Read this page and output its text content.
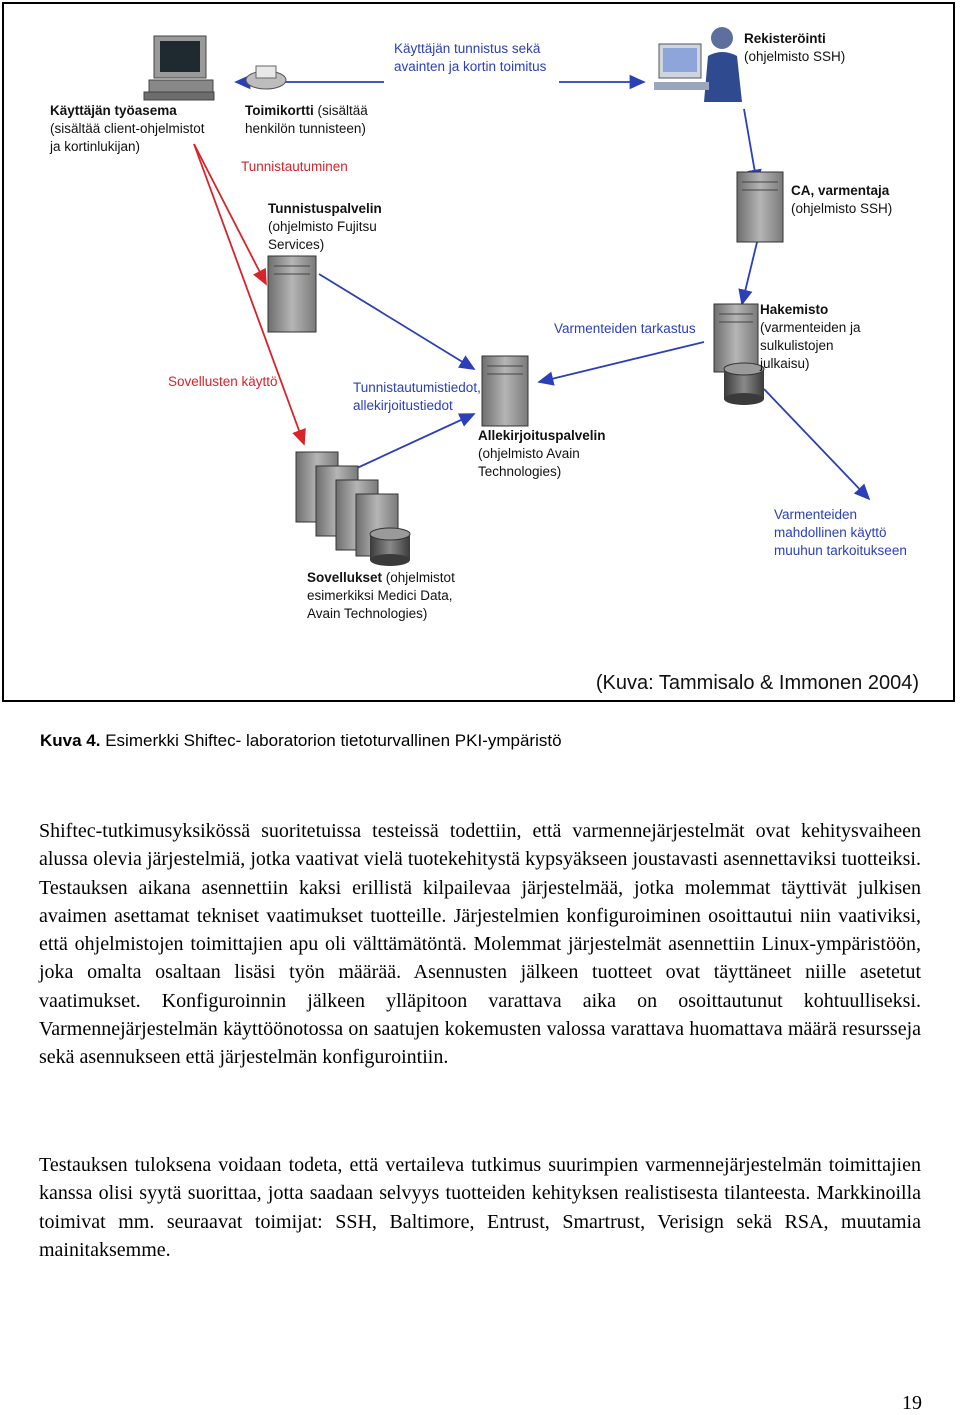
Käyttäjän työasema
(sisältää client-ohjelmistot
ja kortinlukijan)
Toimikortti (sisältää
henkilön tunnisteen)
Käyttäjän tunnistus sekä
avainten ja kortin toimitus
Rekisteröinti
(ohjelmisto SSH)
Tunnistautuminen
Tunnistuspalvelin
(ohjelmisto Fujitsu
Services)
CA, varmentaja
(ohjelmisto SSH)
Hakemisto
(varmenteiden ja
sulkulistojen
julkaisu)
Varmenteiden tarkastus
Sovellusten käyttö	Tunnistautumistiedot,
allekirjoitustiedot
Allekirjoituspalvelin
(ohjelmisto Avain
Technologies)
Varmenteiden
mahdollinen käyttö
muuhun tarkoitukseen
Sovellukset (ohjelmistot
esimerkiksi Medici Data,
Avain Technologies)
(Kuva: Tammisalo & Immonen 2004)
Kuva 4. Esimerkki Shiftec- laboratorion tietoturvallinen PKI-ympäristö

Shiftec-tutkimusyksikössä suoritetuissa testeissä todettiin, että varmennejärjestelmät ovat kehitysvaiheen alussa olevia järjestelmiä, jotka vaativat vielä tuotekehitystä kypsyäkseen joustavasti asennettaviksi tuotteiksi. Testauksen aikana asennettiin kaksi erillistä kilpailevaa järjestelmää, jotka molemmat täyttivät julkisen avaimen asettamat tekniset vaatimukset tuotteille. Järjestelmien konfiguroiminen osoittautui niin vaativiksi, että ohjelmistojen toimittajien apu oli välttämätöntä. Molemmat järjestelmät asennettiin Linux-ympäristöön, joka omalta osaltaan lisäsi työn määrää. Asennusten jälkeen tuotteet ovat täyttäneet niille asetetut vaatimukset. Konfiguroinnin jälkeen ylläpitoon varattava aika on osoittautunut kohtuulliseksi. Varmennejärjestelmän käyttöönotossa on saatujen kokemusten valossa varattava huomattava määrä resursseja sekä asennukseen että järjestelmän konfigurointiin.

Testauksen tuloksena voidaan todeta, että vertaileva tutkimus suurimpien varmennejärjestelmän toimittajien kanssa olisi syytä suorittaa, jotta saadaan selvyys tuotteiden kehityksen realistisesta tilanteesta. Markkinoilla toimivat mm. seuraavat toimijat: SSH, Baltimore, Entrust, Smartrust, Verisign sekä RSA, muutamia mainitaksemme.

19
